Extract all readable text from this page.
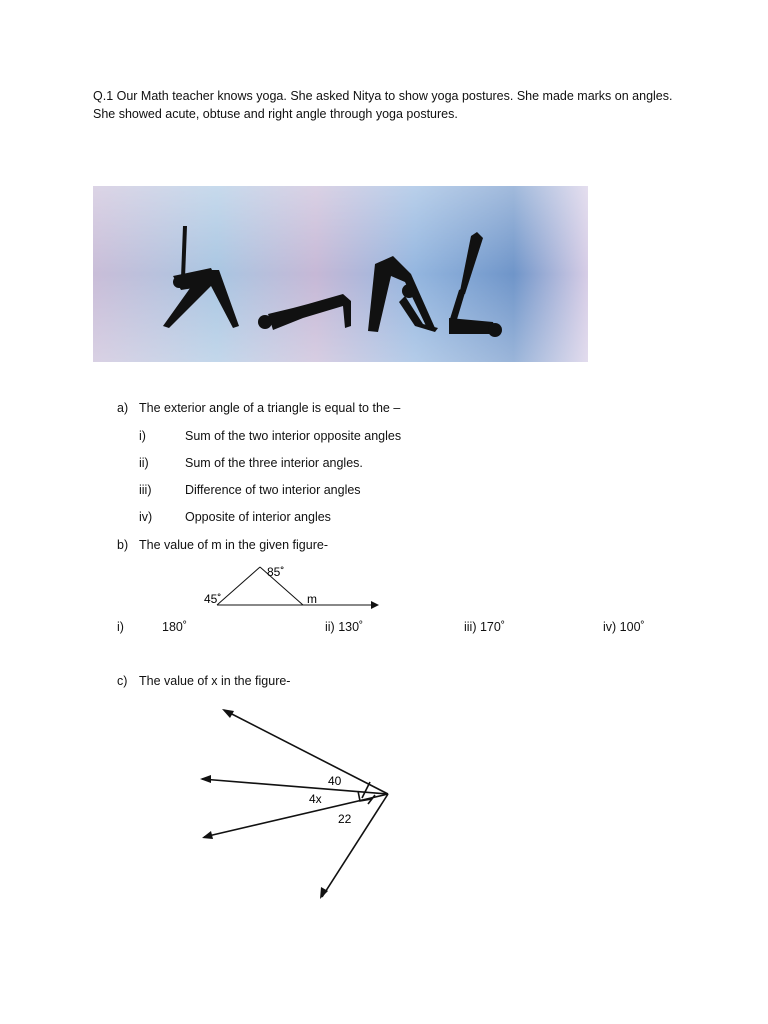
Q.1 Our Math teacher knows yoga. She asked Nitya to show yoga postures. She made marks on angles. She showed acute, obtuse and right angle through yoga postures.
a) The exterior angle of a triangle is equal to the –
i)	Sum of the two interior opposite angles
ii)	Sum of the three interior angles.
iii)	Difference of two interior angles
iv)	Opposite of interior angles
b) The value of m in the given figure-
85˚
45˚	m
i)	180˚	ii) 130˚	iii) 170˚	iv) 100˚
c) The value of x in the figure-
40
4x
22
